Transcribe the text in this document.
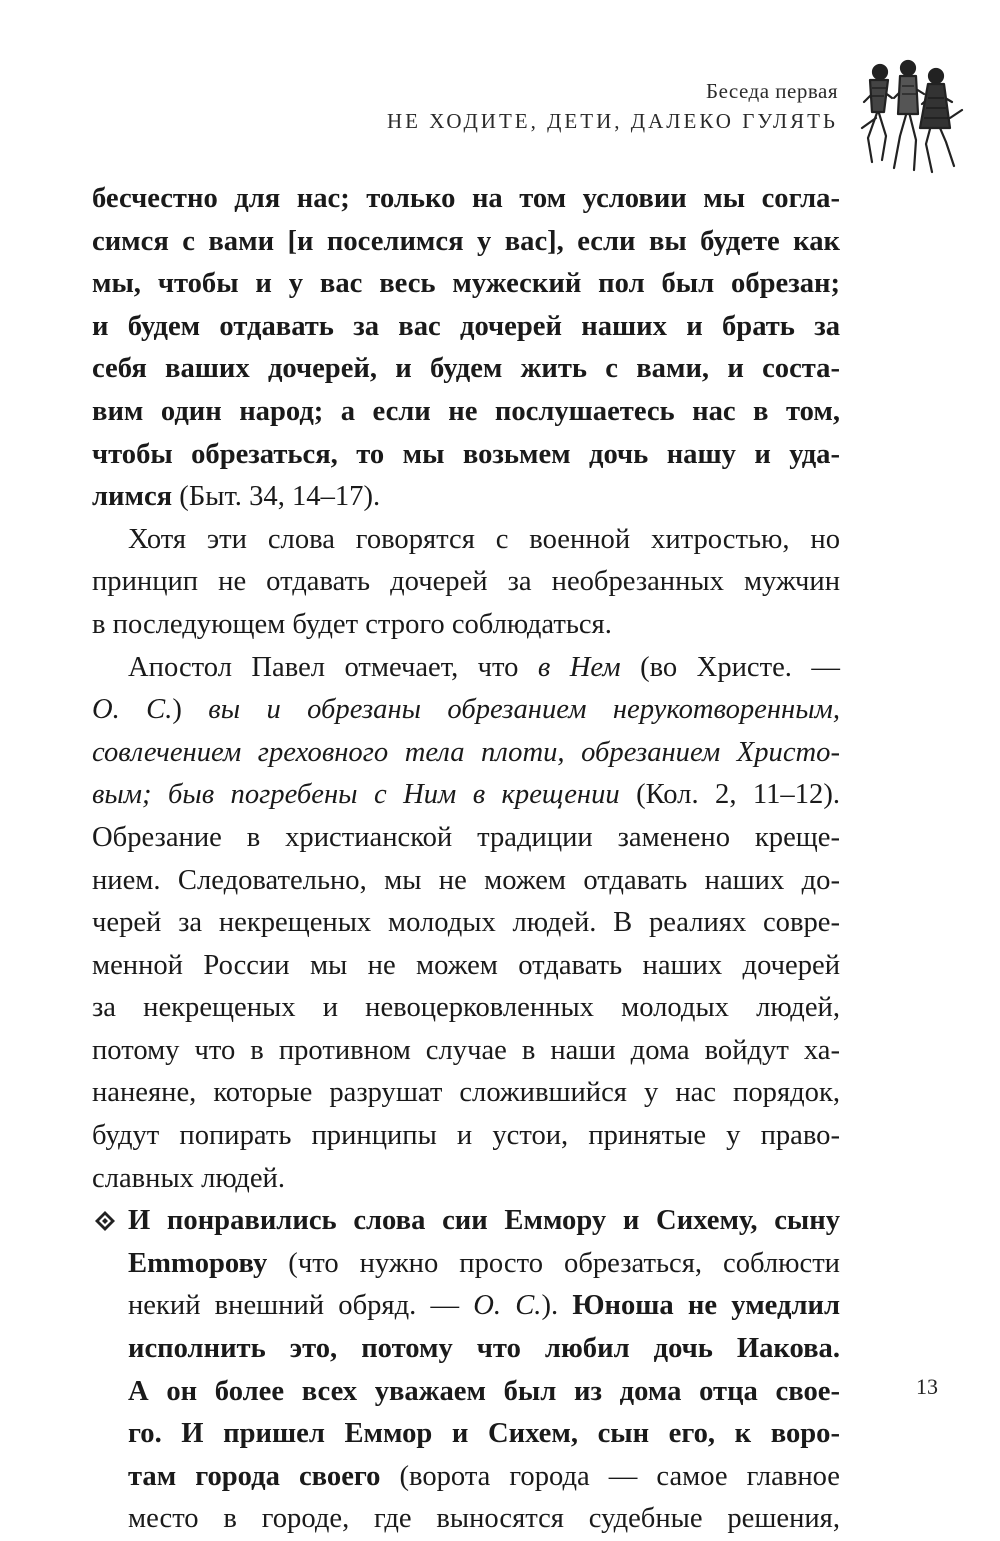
Беседа первая
НЕ ХОДИТЕ, ДЕТИ, ДАЛЕКО ГУЛЯТЬ
бесчестно для нас; только на том условии мы согла-
симся с вами [и поселимся у вас], если вы будете как
мы, чтобы и у вас весь мужеский пол был обрезан;
и будем отдавать за вас дочерей наших и брать за
себя ваших дочерей, и будем жить с вами, и соста-
вим один народ; а если не послушаетесь нас в том,
чтобы обрезаться, то мы возьмем дочь нашу и уда-
лимся (Быт. 34, 14–17).
Хотя эти слова говорятся с военной хитростью, но
принцип не отдавать дочерей за необрезанных мужчин
в последующем будет строго соблюдаться.
Апостол Павел отмечает, что в Нем (во Христе. —
О. С.) вы и обрезаны обрезанием нерукотворенным,
совлечением греховного тела плоти, обрезанием Христо-
вым; быв погребены с Ним в крещении (Кол. 2, 11–12).
Обрезание в христианской традиции заменено креще-
нием. Следовательно, мы не можем отдавать наших до-
черей за некрещеных молодых людей. В реалиях совре-
менной России мы не можем отдавать наших дочерей
за некрещеных и невоцерковленных молодых людей,
потому что в противном случае в наши дома войдут ха-
нанеяне, которые разрушат сложившийся у нас порядок,
будут попирать принципы и устои, принятые у право-
славных людей.
И понравились слова сии Еммору и Сихему, сыну
Emmoрову (что нужно просто обрезаться, соблюсти
некий внешний обряд. — О. С.). Юноша не умедлил
исполнить это, потому что любил дочь Иакова.
А он более всех уважаем был из дома отца свое-
го. И пришел Еммор и Сихем, сын его, к воро-
там города своего (ворота города — самое главное
место в городе, где выносятся судебные решения,
13
